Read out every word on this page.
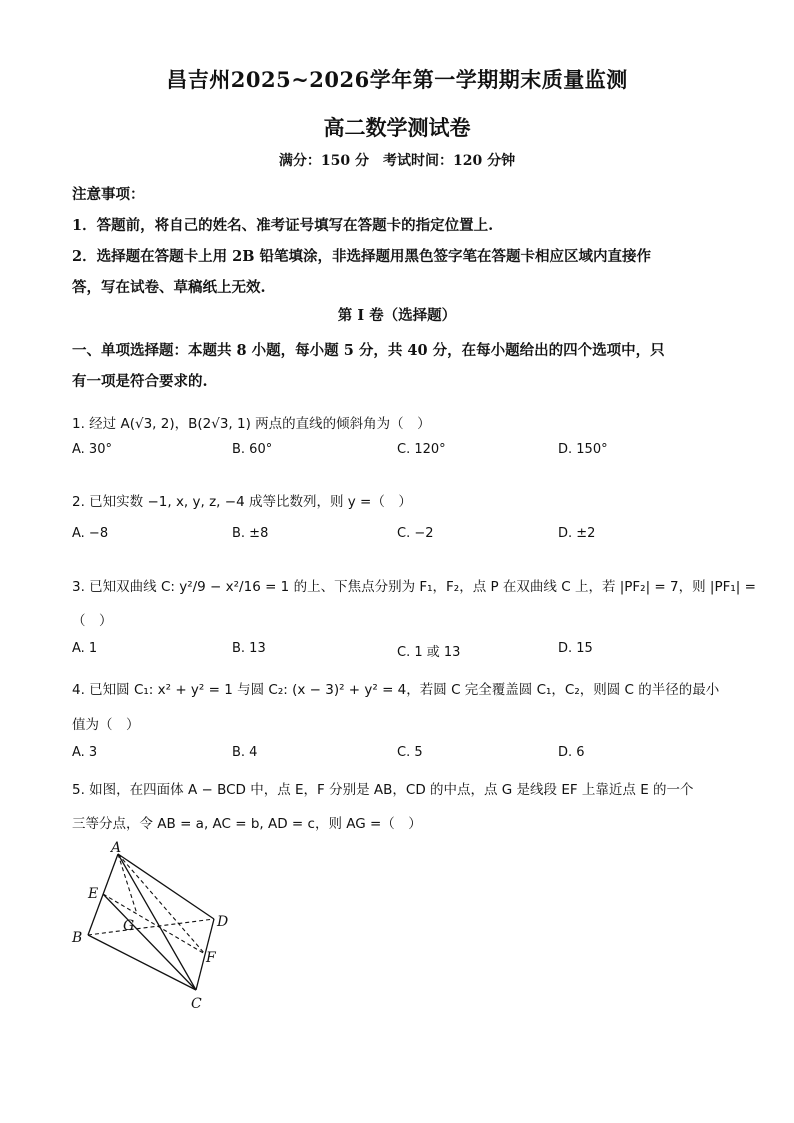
昌吉州2025~2026学年第一学期期末质量监测
高二数学测试卷
满分：150 分　考试时间：120 分钟
注意事项：
1．答题前，将自己的姓名、准考证号填写在答题卡的指定位置上.
2．选择题在答题卡上用 2B 铅笔填涂，非选择题用黑色签字笔在答题卡相应区域内直接作
答，写在试卷、草稿纸上无效.
第 I 卷（选择题）
一、单项选择题：本题共 8 小题，每小题 5 分，共 40 分，在每小题给出的四个选项中，只
有一项是符合要求的.
1. 经过 A(√3, 2)，B(2√3, 1) 两点的直线的倾斜角为（　）
A. 30°	B. 60°	C. 120°	D. 150°
2. 已知实数 −1, x, y, z, −4 成等比数列，则 y =（　）
A. −8	B. ±8	C. −2	D. ±2
3. 已知双曲线 C: y²/9 − x²/16 = 1 的上、下焦点分别为 F₁，F₂，点 P 在双曲线 C 上，若 |PF₂| = 7，则 |PF₁| =
（　）
A. 1	B. 13	C. 1 或 13	D. 15
4. 已知圆 C₁: x² + y² = 1 与圆 C₂: (x − 3)² + y² = 4，若圆 C 完全覆盖圆 C₁，C₂，则圆 C 的半径的最小
值为（　）
A. 3	B. 4	C. 5	D. 6
5. 如图，在四面体 A − BCD 中，点 E，F 分别是 AB，CD 的中点，点 G 是线段 EF 上靠近点 E 的一个
三等分点，令 AB = a, AC = b, AD = c，则 AG =（　）
A
B
C
D
E
F
G
